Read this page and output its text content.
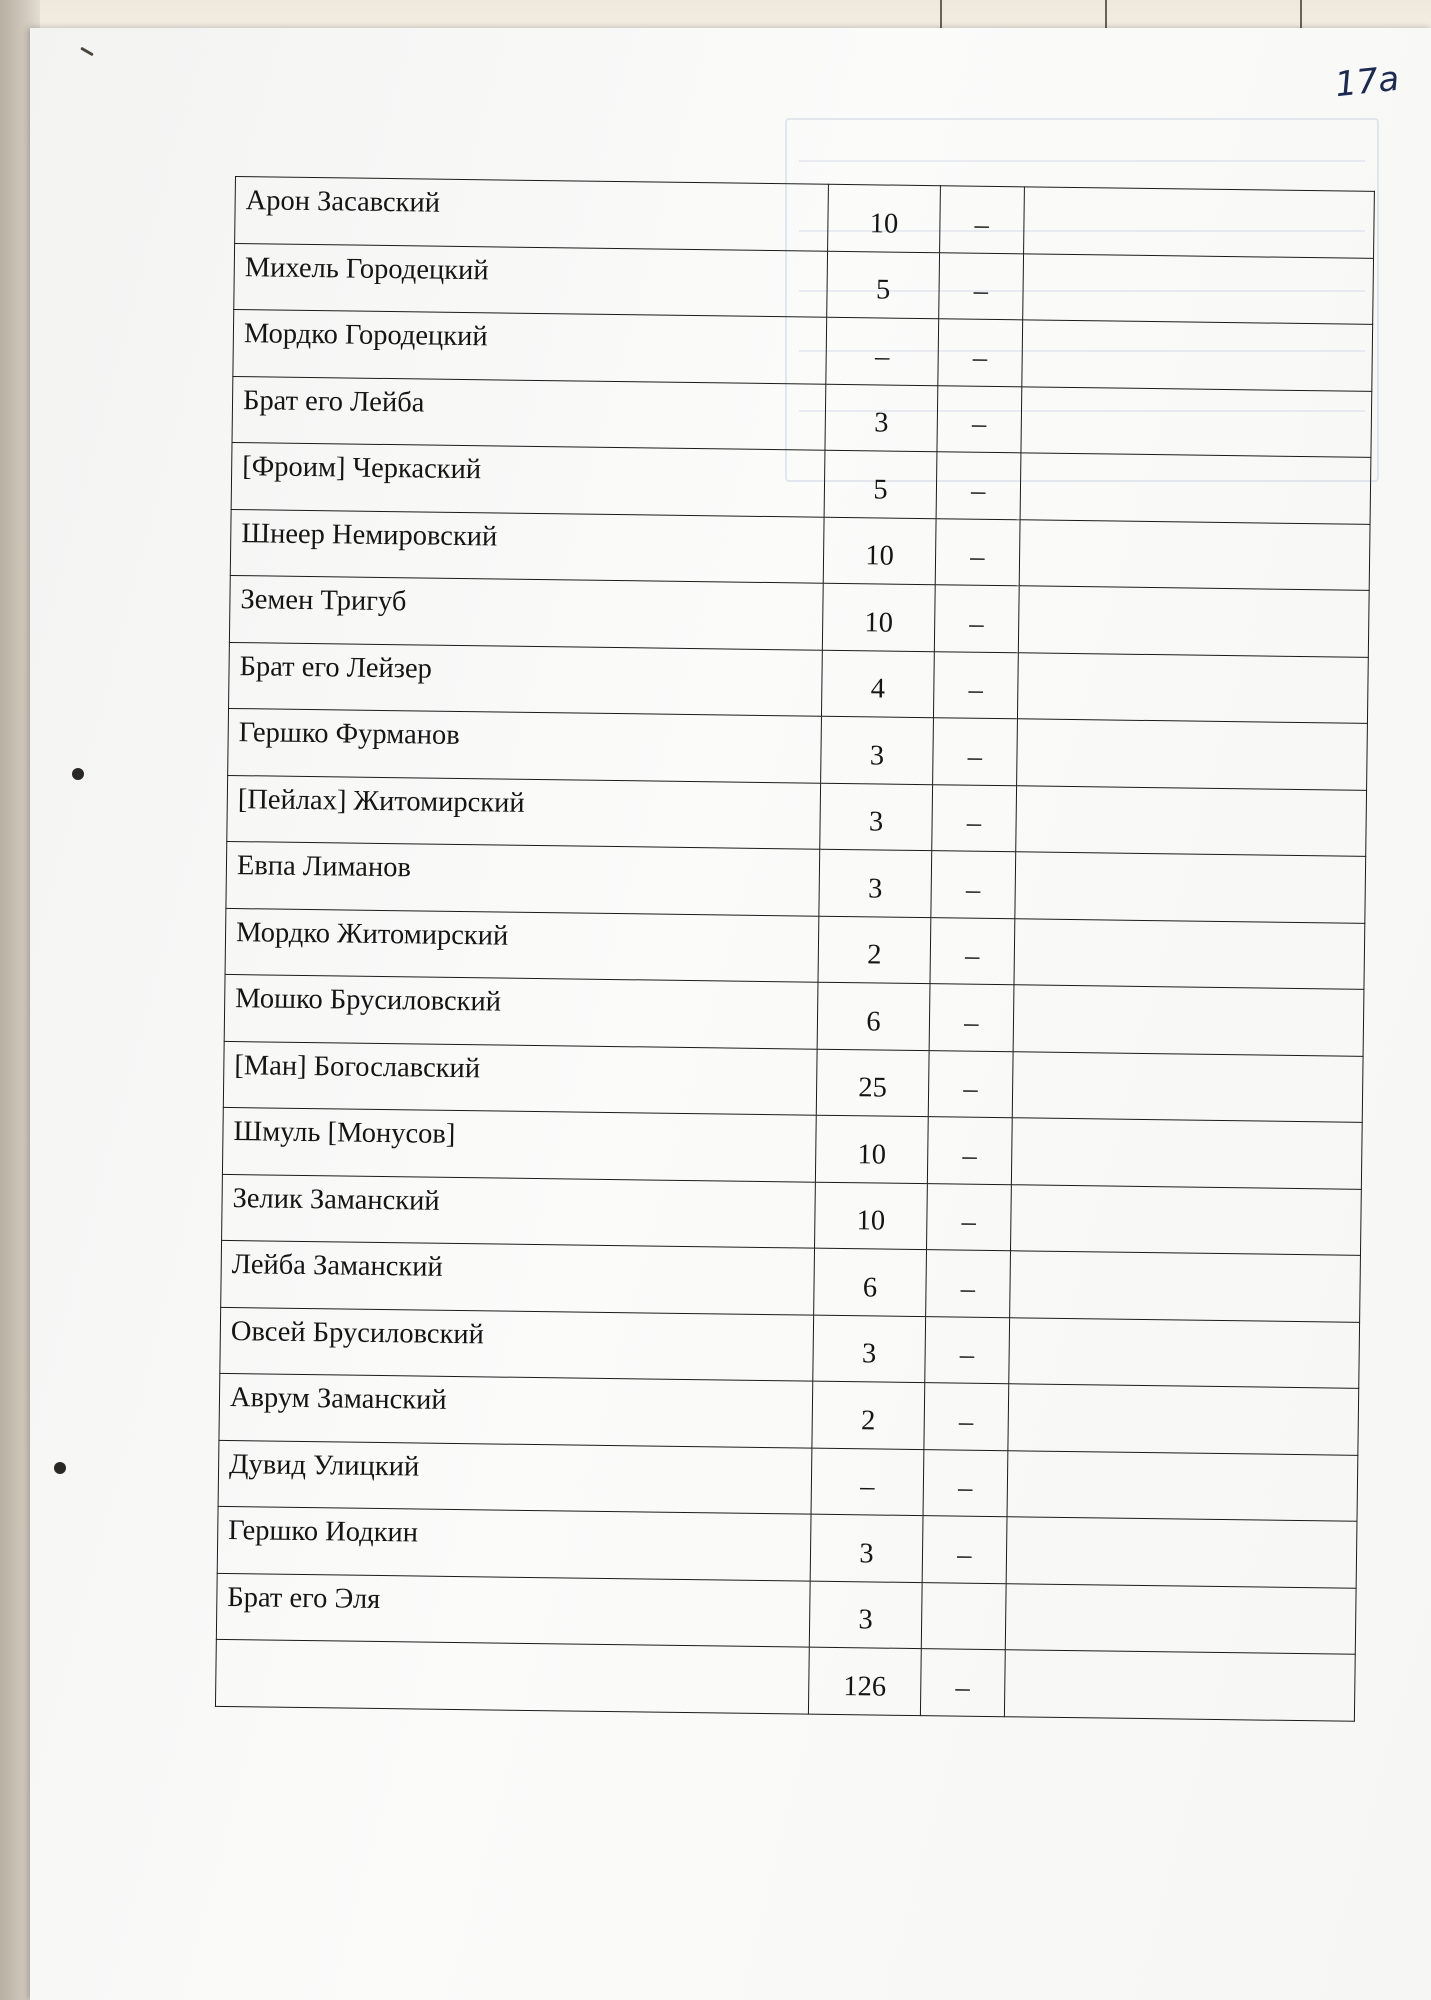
17a
Арон Засавский	10	–	
Михель Городецкий	5	–	
Мордко Городецкий	–	–	
Брат его Лейба	3	–	
[Фроим] Черкаский	5	–	
Шнеер Немировский	10	–	
Земен Тригуб	10	–	
Брат его Лейзер	4	–	
Гершко Фурманов	3	–	
[Пейлах] Житомирский	3	–	
Евпа Лиманов	3	–	
Мордко Житомирский	2	–	
Мошко Брусиловский	6	–	
[Ман] Богославский	25	–	
Шмуль [Монусов]	10	–	
Зелик Заманский	10	–	
Лейба Заманский	6	–	
Овсей Брусиловский	3	–	
Аврум Заманский	2	–	
Дувид Улицкий	–	–	
Гершко Иодкин	3	–	
Брат его Эля	3		
	126	–	
